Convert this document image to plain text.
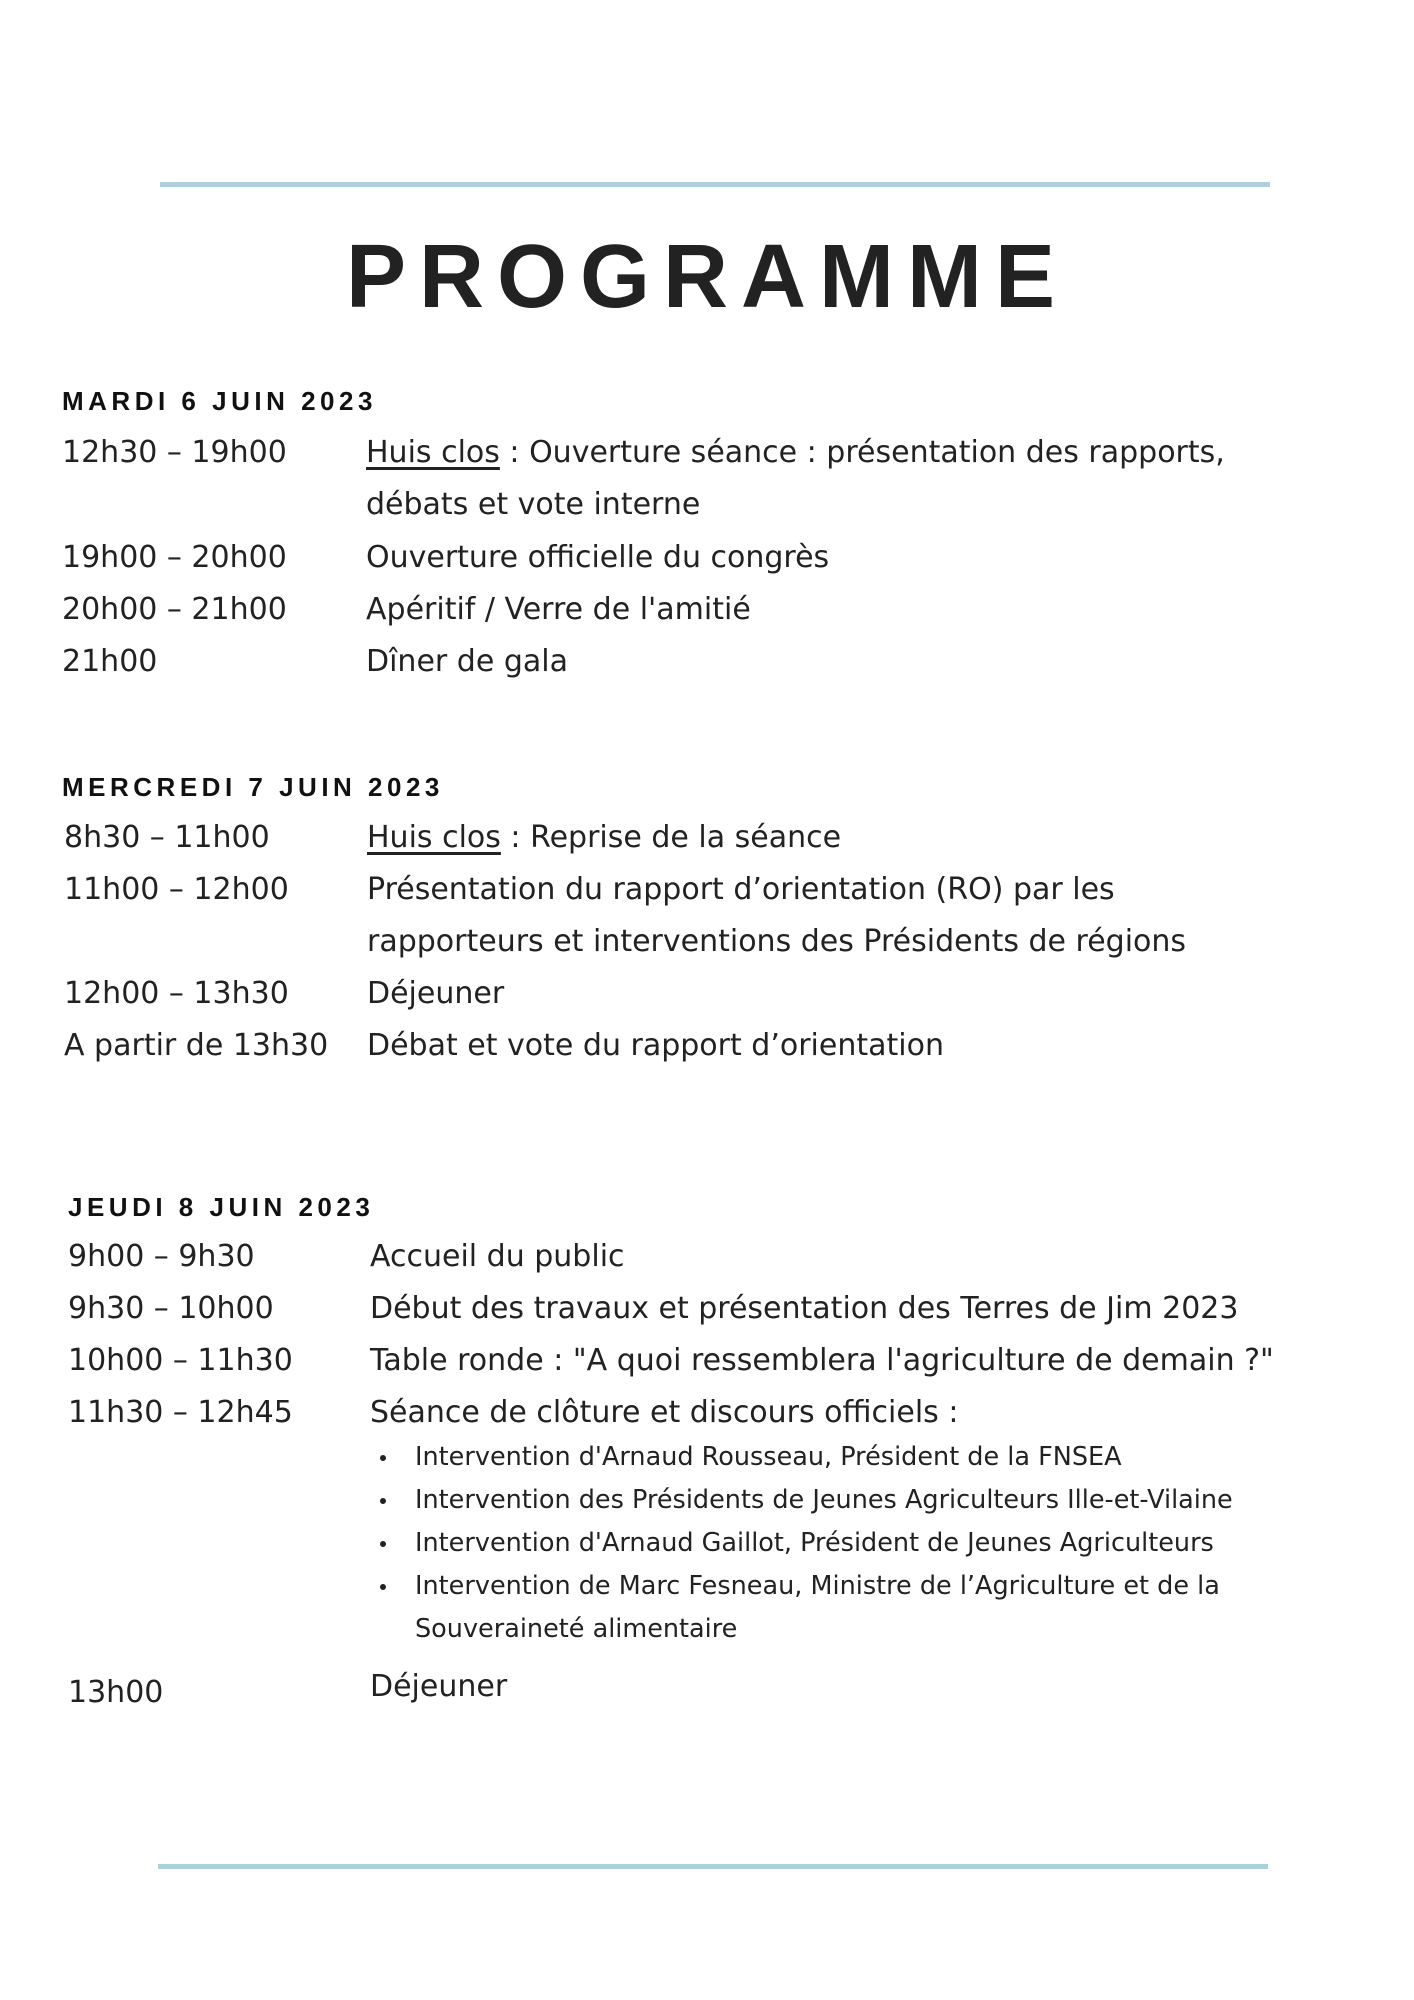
PROGRAMME
MARDI 6 JUIN 2023
12h30 – 19h00	Huis clos : Ouverture séance : présentation des rapports,
débats et vote interne
19h00 – 20h00	Ouverture officielle du congrès
20h00 – 21h00	Apéritif / Verre de l'amitié
21h00	Dîner de gala
MERCREDI 7 JUIN 2023
8h30 – 11h00	Huis clos : Reprise de la séance
11h00 – 12h00	Présentation du rapport d’orientation (RO) par les
rapporteurs et interventions des Présidents de régions
12h00 – 13h30	Déjeuner
A partir de 13h30 Débat et vote du rapport d’orientation
JEUDI 8 JUIN 2023
9h00 – 9h30	Accueil du public
9h30 – 10h00	Début des travaux et présentation des Terres de Jim 2023
10h00 – 11h30	Table ronde : "A quoi ressemblera l'agriculture de demain ?"
11h30 – 12h45	Séance de clôture et discours officiels :
Intervention d'Arnaud Rousseau, Président de la FNSEA
Intervention des Présidents de Jeunes Agriculteurs Ille-et-Vilaine
Intervention d'Arnaud Gaillot, Président de Jeunes Agriculteurs
Intervention de Marc Fesneau, Ministre de l’Agriculture et de la
Souveraineté alimentaire
13h00	Déjeuner
